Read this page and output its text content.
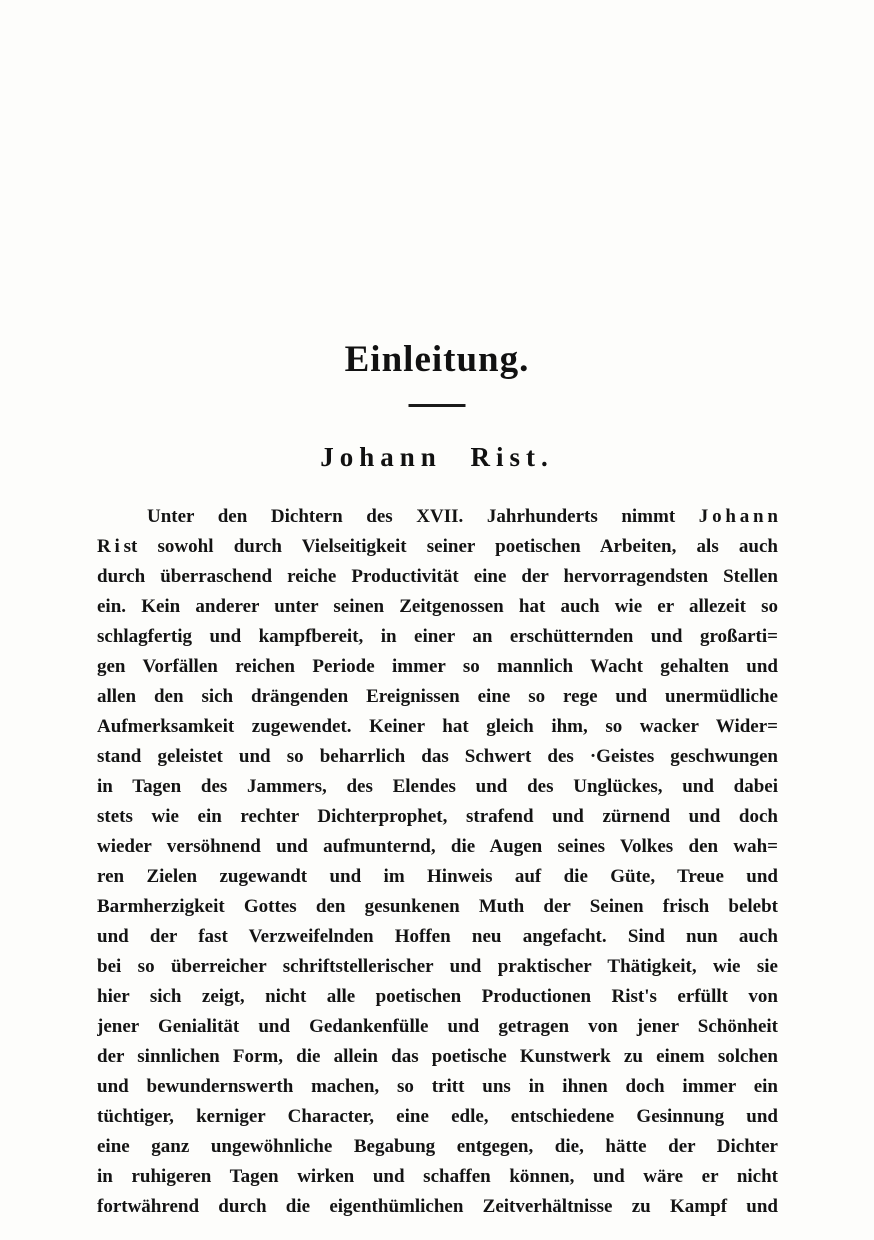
Einleitung.
Johann Rist.
Unter den Dichtern des XVII. Jahrhunderts nimmt J o h a n n
R i st sowohl durch Vielseitigkeit seiner poetischen Arbeiten, als auch
durch überraschend reiche Productivität eine der hervorragendsten Stellen
ein. Kein anderer unter seinen Zeitgenossen hat auch wie er allezeit so
schlagfertig und kampfbereit, in einer an erschütternden und großarti=
gen Vorfällen reichen Periode immer so mannlich Wacht gehalten und
allen den sich drängenden Ereignissen eine so rege und unermüdliche
Aufmerksamkeit zugewendet. Keiner hat gleich ihm, so wacker Wider=
stand geleistet und so beharrlich das Schwert des ·Geistes geschwungen
in Tagen des Jammers, des Elendes und des Unglückes, und dabei
stets wie ein rechter Dichterprophet, strafend und zürnend und doch
wieder versöhnend und aufmunternd, die Augen seines Volkes den wah=
ren Zielen zugewandt und im Hinweis auf die Güte, Treue und
Barmherzigkeit Gottes den gesunkenen Muth der Seinen frisch belebt
und der fast Verzweifelnden Hoffen neu angefacht. Sind nun auch
bei so überreicher schriftstellerischer und praktischer Thätigkeit, wie sie
hier sich zeigt, nicht alle poetischen Productionen Rist's erfüllt von
jener Genialität und Gedankenfülle und getragen von jener Schönheit
der sinnlichen Form, die allein das poetische Kunstwerk zu einem solchen
und bewundernswerth machen, so tritt uns in ihnen doch immer ein
tüchtiger, kerniger Character, eine edle, entschiedene Gesinnung und
eine ganz ungewöhnliche Begabung entgegen, die, hätte der Dichter
in ruhigeren Tagen wirken und schaffen können, und wäre er nicht
fortwährend durch die eigenthümlichen Zeitverhältnisse zu Kampf und
